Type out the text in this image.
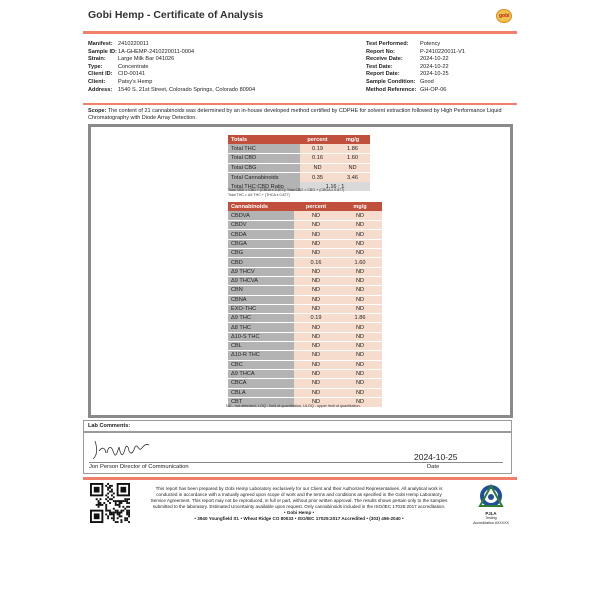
Gobi Hemp - Certificate of Analysis	gobi
Manifest: 2410220011
Sample ID: 1A-GHEMP-2410220011-0004
Strain:	Large Milk Bar 041026
Type:	Concentrate
Client ID: CID-00141
Client:	Patsy's Hemp
Address:	1540 S. 21st Street, Colorado Springs, Colorado 80904
Test Performed:	Potency
Report No:	P-2410220011-V1
Receive Date:	2024-10-22
Test Date:	2024-10-22
Report Date:	2024-10-25
Sample Condition: Good
Method Reference: GH-OP-06
Scope: The content of 21 cannabinoids was determined by an in-house developed method certified by CDPHE for solvent extraction followed by High Performance Liquid Chromatography with Diode Array Detection.
Totals	percent	mg/g
Total THC	0.19	1.86
Total CBD	0.16	1.60
Total CBG	ND	ND
Total Cannabinoids	0.35	3.46
Total THC:CBD Ratio	1.16 : 1	
Total CBD = CBD + (CBDA x 0.877); Total CBG = CBG + (CBGA x 0.877)
Total THC = Δ9 THC + (THCA x 0.877)
Cannabinoids	percent	mg/g
CBDVA	ND	ND
CBDV	ND	ND
CBDA	ND	ND
CBGA	ND	ND
CBG	ND	ND
CBD	0.16	1.60
Δ9 THCV	ND	ND
Δ9 THCVA	ND	ND
CBN	ND	ND
CBNA	ND	ND
EXO-THC	ND	ND
Δ9 THC	0.19	1.86
Δ8 THC	ND	ND
Δ10-S THC	ND	ND
CBL	ND	ND
Δ10-R THC	ND	ND
CBC	ND	ND
Δ9 THCA	ND	ND
CBCA	ND	ND
CBLA	ND	ND
CBT	ND	ND
ND - not detected; LOQ - limit of quantitation; ULOQ - upper limit of quantitation.
Lab Comments:
Jon Person Director of Communication
2024-10-25
Date
This report has been prepared by Gobi Hemp Laboratory exclusively for our Client and their Authorized Representatives. All analytical work is conducted in accordance with a mutually agreed upon scope of work and the terms and conditions as specified in the Gobi Hemp Laboratory Service Agreement. This report may not be reproduced, in full or part, without prior written approval. The results shown pertain only to the samples submitted to the laboratory. Estimated Uncertainty available upon request. Only cannabinoids included in the ISO/IEC 17025:2017 accreditation.
• Gobi Hemp •
• 3940 Youngfield St. • Wheat Ridge CO 80033 • ISO/IEC 17025:2017 Accredited • (303) 456-2040 •
PJLA
Testing
Accreditation #XXXXX
